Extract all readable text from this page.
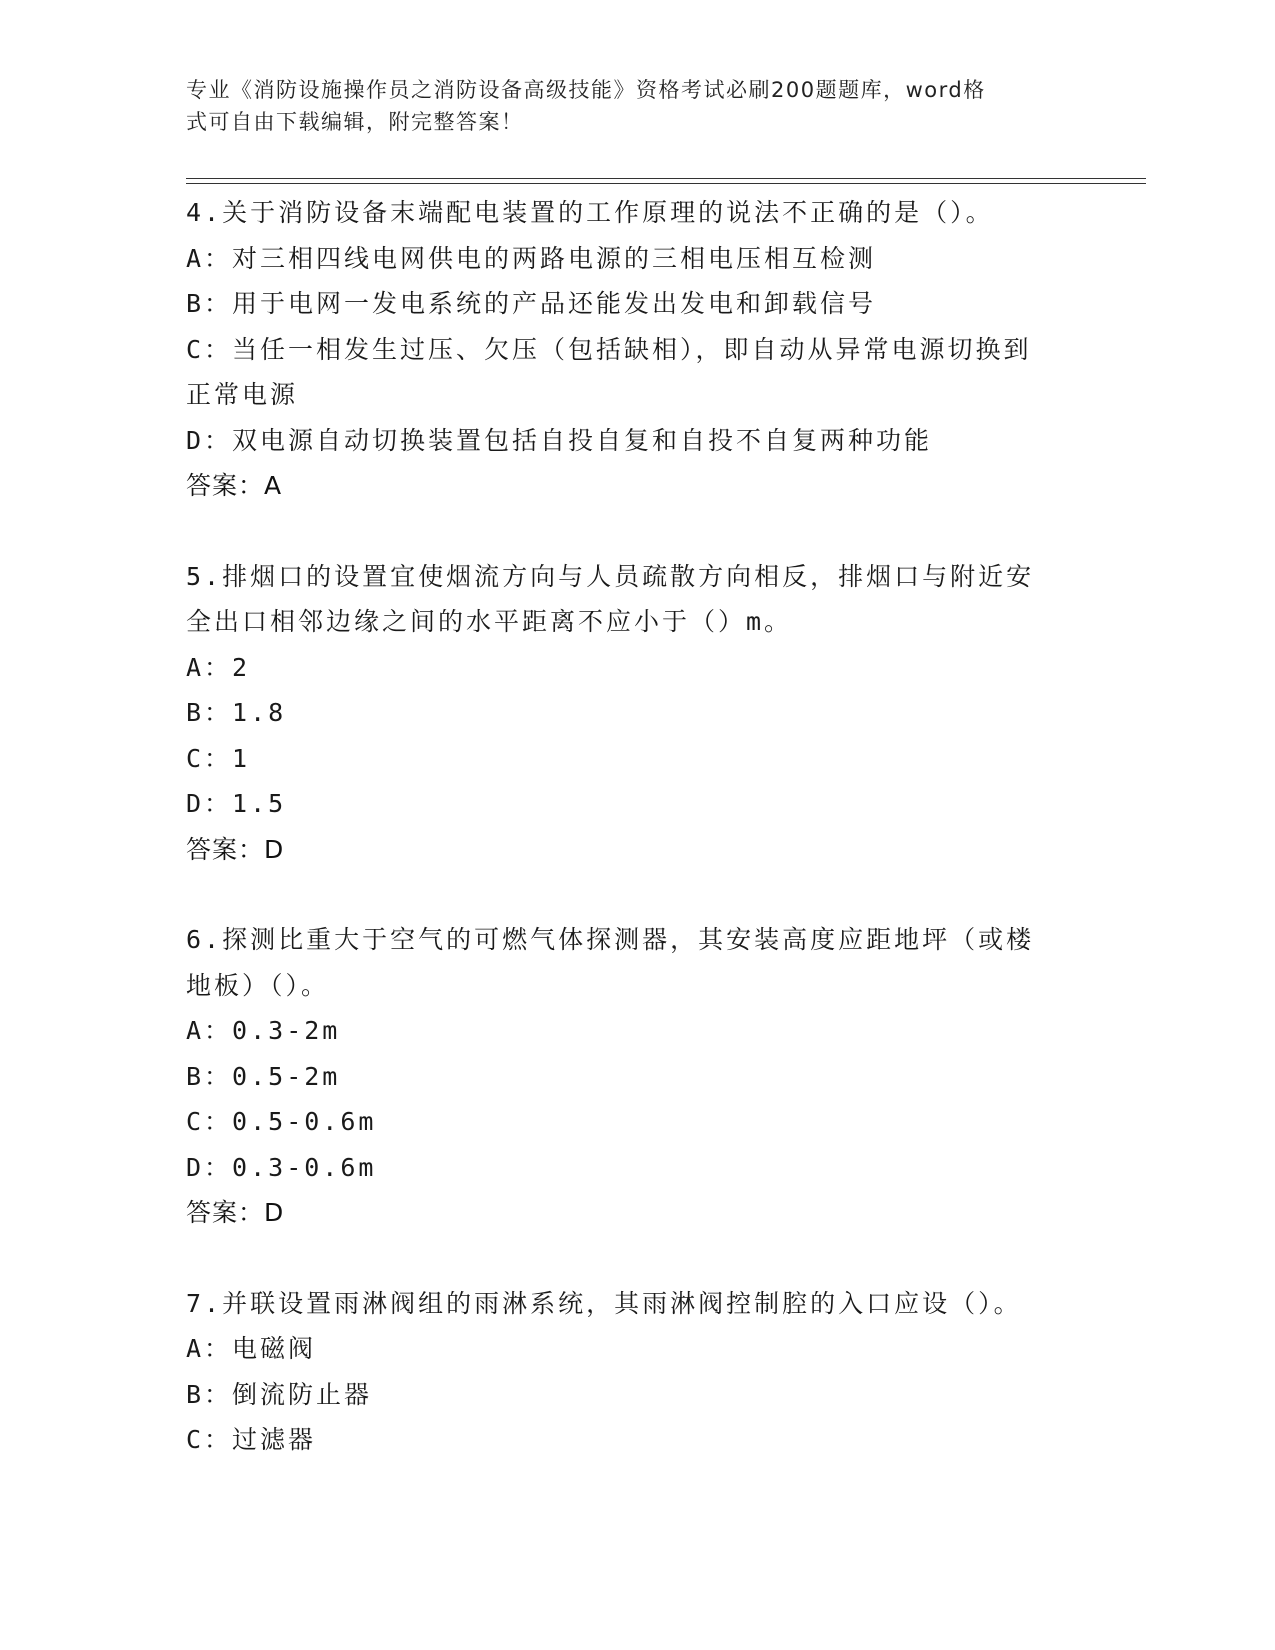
专业《消防设施操作员之消防设备高级技能》资格考试必刷200题题库，word格
式可自由下载编辑，附完整答案！
4.关于消防设备末端配电装置的工作原理的说法不正确的是（）。
A：对三相四线电网供电的两路电源的三相电压相互检测
B：用于电网一发电系统的产品还能发出发电和卸载信号
C：当任一相发生过压、欠压（包括缺相），即自动从异常电源切换到
正常电源
D：双电源自动切换装置包括自投自复和自投不自复两种功能
答案：A
5.排烟口的设置宜使烟流方向与人员疏散方向相反，排烟口与附近安
全出口相邻边缘之间的水平距离不应小于（）m。
A：2
B：1.8
C：1
D：1.5
答案：D
6.探测比重大于空气的可燃气体探测器，其安装高度应距地坪（或楼
地板）（）。
A：0.3-2m
B：0.5-2m
C：0.5-0.6m
D：0.3-0.6m
答案：D
7.并联设置雨淋阀组的雨淋系统，其雨淋阀控制腔的入口应设（）。
A：电磁阀
B：倒流防止器
C：过滤器
